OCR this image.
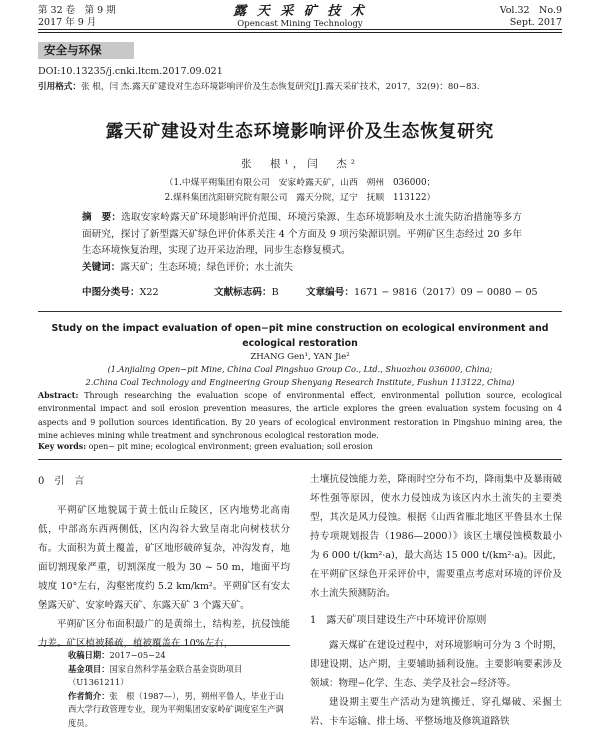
第 32 卷　第 9 期
2017 年 9 月
露 天 采 矿 技 术
Opencast Mining Technology
Vol.32　No.9
Sept. 2017
安全与环保
DOI:10.13235/j.cnki.ltcm.2017.09.021
引用格式：张 根，闫 杰.露天矿建设对生态环境影响评价及生态恢复研究[J].露天采矿技术，2017，32(9)：80−83.
露天矿建设对生态环境影响评价及生态恢复研究
张　根¹，闫　杰²
（1.中煤平朔集团有限公司　安家岭露天矿，山西　朔州　036000；
2.煤科集团沈阳研究院有限公司　露天分院，辽宁　抚顺　113122）
摘　要：选取安家岭露天矿环境影响评价范围、环境污染源、生态环境影响及水土流失防治措施等多方面研究，探讨了新型露天矿绿色评价体系关注 4 个方面及 9 项污染源识别。平朔矿区生态经过 20 多年生态环境恢复治理，实现了边开采边治理，同步生态修复模式。
关键词：露天矿；生态环境；绿色评价；水土流失
中图分类号：X22	文献标志码：B	文章编号：1671 − 9816（2017）09 − 0080 − 05
Study on the impact evaluation of open−pit mine construction on ecological environment and ecological restoration
ZHANG Gen¹, YAN Jie²
(1.Anjialing Open−pit Mine, China Coal Pingshuo Group Co., Ltd., Shuozhou 036000, China;
2.China Coal Technology and Engineering Group Shenyang Research Institute, Fushun 113122, China)
Abstract: Through researching the evaluation scope of environmental effect, environmental pollution source, ecological environmental impact and soil erosion prevention measures, the article explores the green evaluation system focusing on 4 aspects and 9 pollution sources identification. By 20 years of ecological environment restoration in Pingshuo mining area, the mine achieves mining while treatment and synchronous ecological restoration mode.
Key words: open− pit mine; ecological environment; green evaluation; soil erosion

0　引　言

平朔矿区地貌属于黄土低山丘陵区，区内地势北高南低，中部高东西两侧低，区内沟谷大致呈南北向树枝状分布。大面积为黄土覆盖，矿区地形破碎复杂，冲沟发育，地面切割现象严重，切割深度一般为 30 ~ 50 m，地面平均坡度 10°左右，沟壑密度约 5.2 km/km²。平朔矿区有安太堡露天矿、安家岭露天矿、东露天矿 3 个露天矿。

平朔矿区分布面积最广的是黄绵土，结构差，抗侵蚀能力差。矿区植被稀疏，植被覆盖在 10%左右，

收稿日期：2017−05−24
基金项目：国家自然科学基金联合基金资助项目（U1361211）
作者简介：张　根（1987—），男，朔州平鲁人，毕业于山西大学行政管理专业，现为平朔集团安家岭矿调度室生产调度员。

土壤抗侵蚀能力差，降雨时空分布不均，降雨集中及暴雨破坏性强等原因，使水力侵蚀成为该区内水土流失的主要类型，其次是风力侵蚀。根据《山西省雁北地区平鲁县水土保持专项规划报告（1986—2000）》该区土壤侵蚀模数最小为 6 000 t/(km²·a)，最大高达 15 000 t/(km²·a)。因此，在平朔矿区绿色开采评价中，需要重点考虑对环境的评价及水土流失预测防治。

1　露天矿项目建设生产中环境评价原则

露天煤矿在建设过程中，对环境影响可分为 3 个时期，即建设期、达产期，主要辅助插利设施。主要影响要素涉及领域：物理−化学、生态、美学及社会−经济等。

建设期主要生产活动为建筑搬迁、穿孔爆破、采掘土岩、卡车运输、排土场、平整场地及修筑道路铁
